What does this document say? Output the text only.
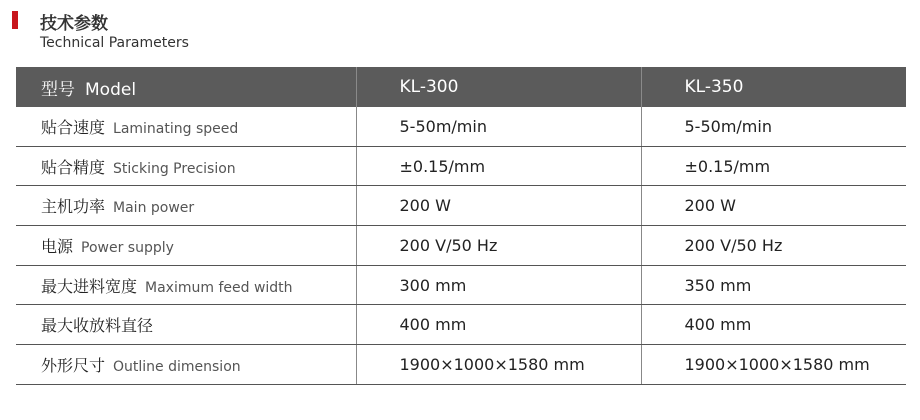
技术参数
Technical Parameters
型号 Model	KL-300	KL-350
贴合速度 Laminating speed	5-50m/min	5-50m/min
贴合精度 Sticking Precision	±0.15/mm	±0.15/mm
主机功率 Main power	200 W	200 W
电源 Power supply	200 V/50 Hz	200 V/50 Hz
最大进料宽度 Maximum feed width	300 mm	350 mm
最大收放料直径	400 mm	400 mm
外形尺寸 Outline dimension	1900×1000×1580 mm	1900×1000×1580 mm
